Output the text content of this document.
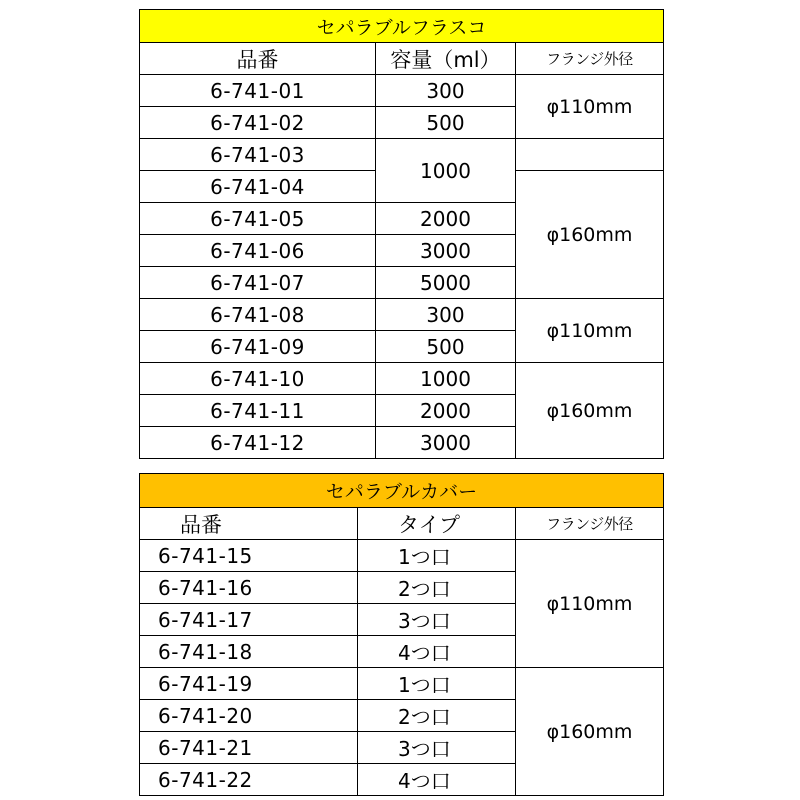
セパラブルフラスコ		
品番	容量（ml）	フランジ外径
6-741-01	300	φ110mm
6-741-02	500	
6-741-03	1000	
6-741-04		φ160mm
6-741-05	2000	
6-741-06	3000	
6-741-07	5000	
6-741-08	300	φ110mm
6-741-09	500	
6-741-10	1000	φ160mm
6-741-11	2000	
6-741-12	3000	
セパラブルカバー		
品番	タイプ	フランジ外径
6-741-15	1つ口	φ110mm
6-741-16	2つ口	
6-741-17	3つ口	
6-741-18	4つ口	
6-741-19	1つ口	φ160mm
6-741-20	2つ口	
6-741-21	3つ口	
6-741-22	4つ口	
